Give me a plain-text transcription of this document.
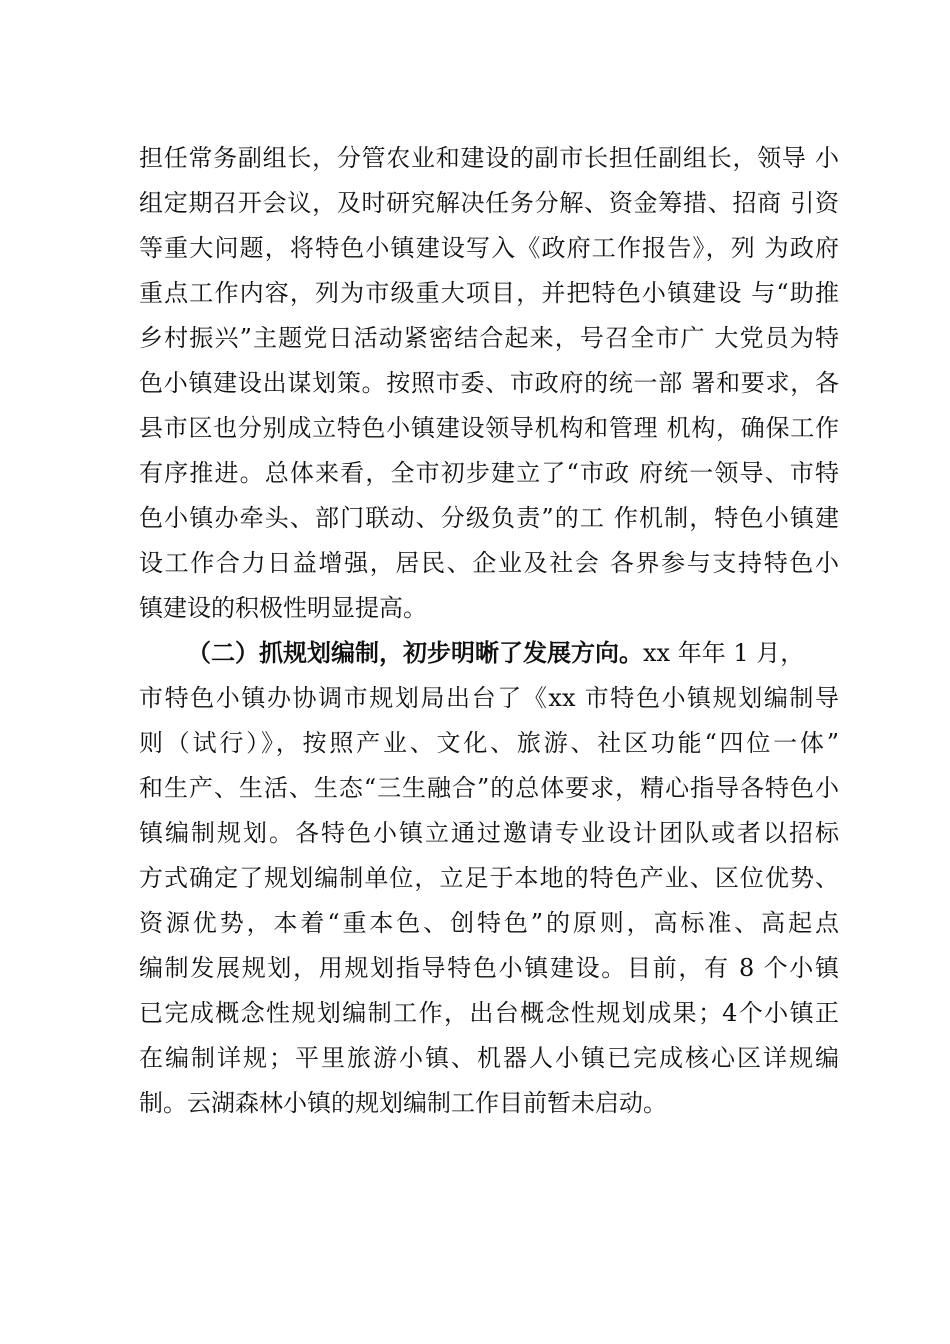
担任常务副组长，分管农业和建设的副市长担任副组长，领导 小
组定期召开会议，及时研究解决任务分解、资金筹措、招商 引资
等重大问题，将特色小镇建设写入《政府工作报告》，列 为政府
重点工作内容，列为市级重大项目，并把特色小镇建设 与“助推
乡村振兴”主题党日活动紧密结合起来，号召全市广 大党员为特
色小镇建设出谋划策。按照市委、市政府的统一部 署和要求，各
县市区也分别成立特色小镇建设领导机构和管理 机构，确保工作
有序推进。总体来看，全市初步建立了“市政 府统一领导、市特
色小镇办牵头、部门联动、分级负责”的工 作机制，特色小镇建
设工作合力日益增强，居民、企业及社会 各界参与支持特色小
镇建设的积极性明显提高。
（二）抓规划编制，初步明晰了发展方向。xx 年年 1 月，
市特色小镇办协调市规划局出台了《xx 市特色小镇规划编制导
则（试行）》，按照产业、文化、旅游、社区功能“四位一体”
和生产、生活、生态“三生融合”的总体要求，精心指导各特色小
镇编制规划。各特色小镇立通过邀请专业设计团队或者以招标
方式确定了规划编制单位，立足于本地的特色产业、区位优势、
资源优势，本着“重本色、创特色”的原则，高标准、高起点
编制发展规划，用规划指导特色小镇建设。目前，有 8 个小镇
已完成概念性规划编制工作，出台概念性规划成果；4个小镇正
在编制详规；平里旅游小镇、机器人小镇已完成核心区详规编
制。云湖森林小镇的规划编制工作目前暂未启动。
